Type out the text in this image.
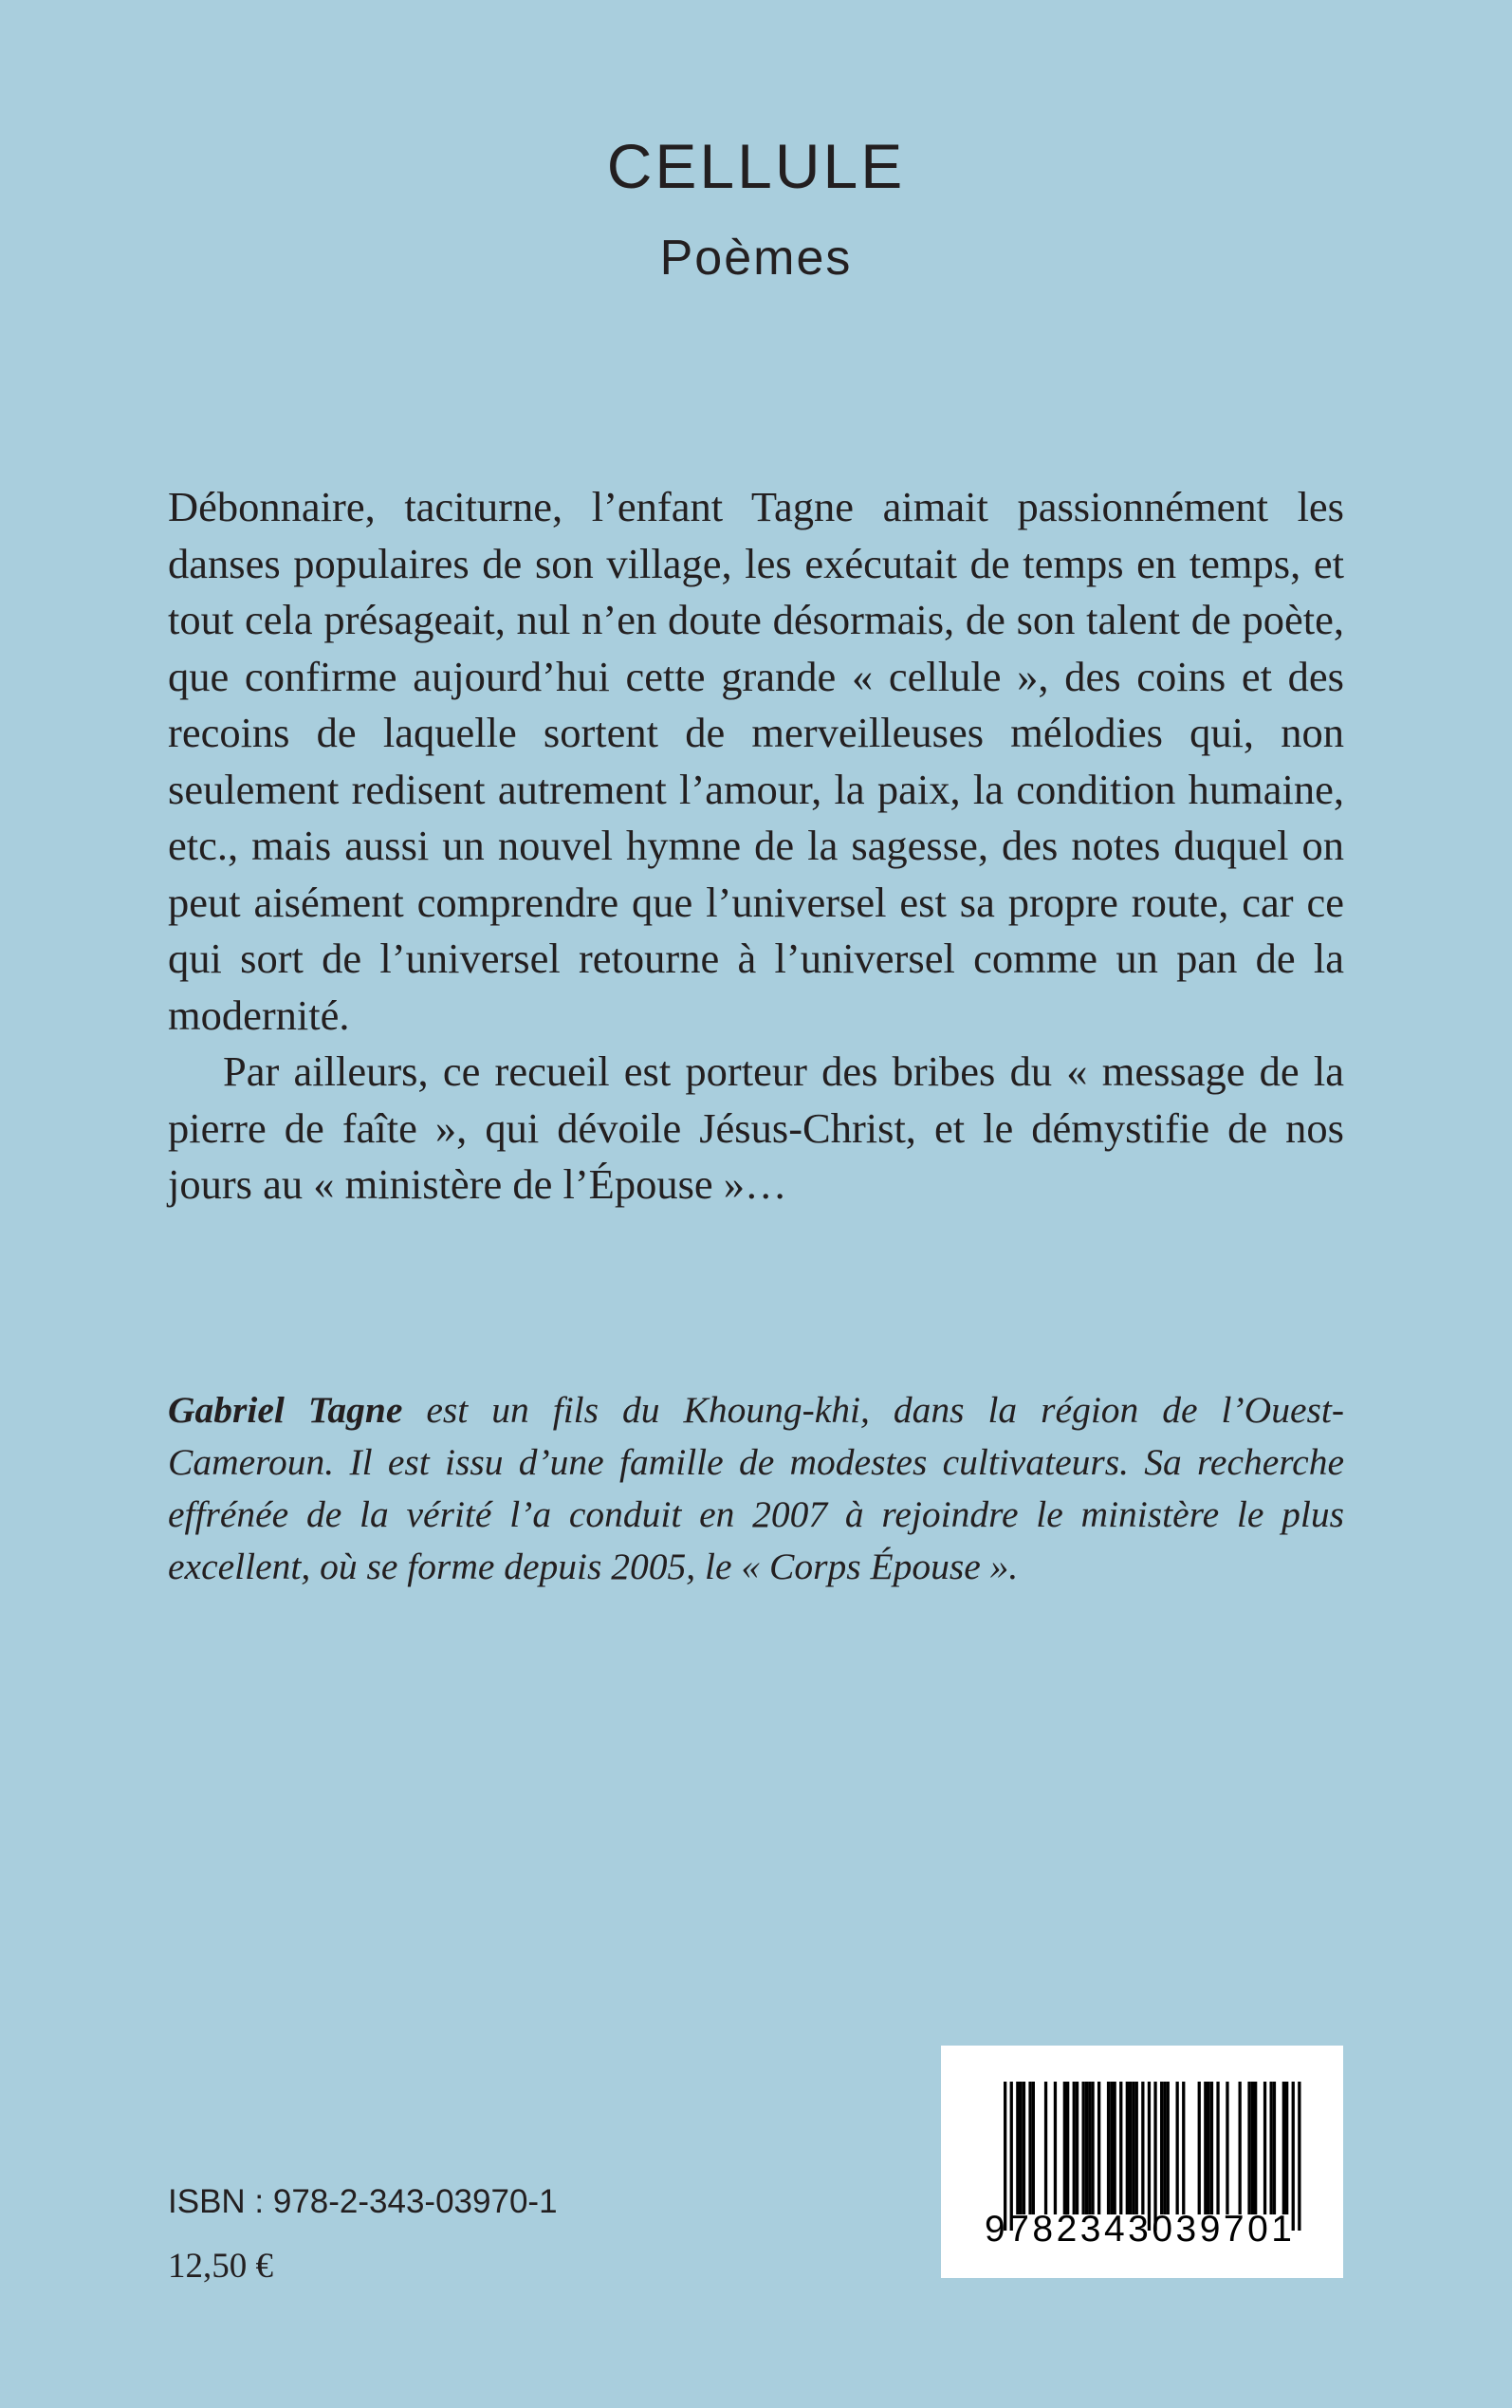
CELLULE
Poèmes

Débonnaire, taciturne, l’enfant Tagne aimait passionnément les danses populaires de son village, les exécutait de temps en temps, et tout cela présageait, nul n’en doute désormais, de son talent de poète, que confirme aujourd’hui cette grande « cellule », des coins et des recoins de laquelle sortent de merveilleuses mélodies qui, non seulement redisent autrement l’amour, la paix, la condition humaine, etc., mais aussi un nouvel hymne de la sagesse, des notes duquel on peut aisément comprendre que l’universel est sa propre route, car ce qui sort de l’universel retourne à l’universel comme un pan de la modernité.

Par ailleurs, ce recueil est porteur des bribes du « message de la pierre de faîte », qui dévoile Jésus-Christ, et le démystifie de nos jours au « ministère de l’Épouse »…

Gabriel Tagne est un fils du Khoung-khi, dans la région de l’Ouest-Cameroun. Il est issu d’une famille de modestes cultivateurs. Sa recherche effrénée de la vérité l’a conduit en 2007 à rejoindre le ministère le plus excellent, où se forme depuis 2005, le « Corps Épouse ».

ISBN : 978-2-343-03970-1
12,50 €
9782343039701
